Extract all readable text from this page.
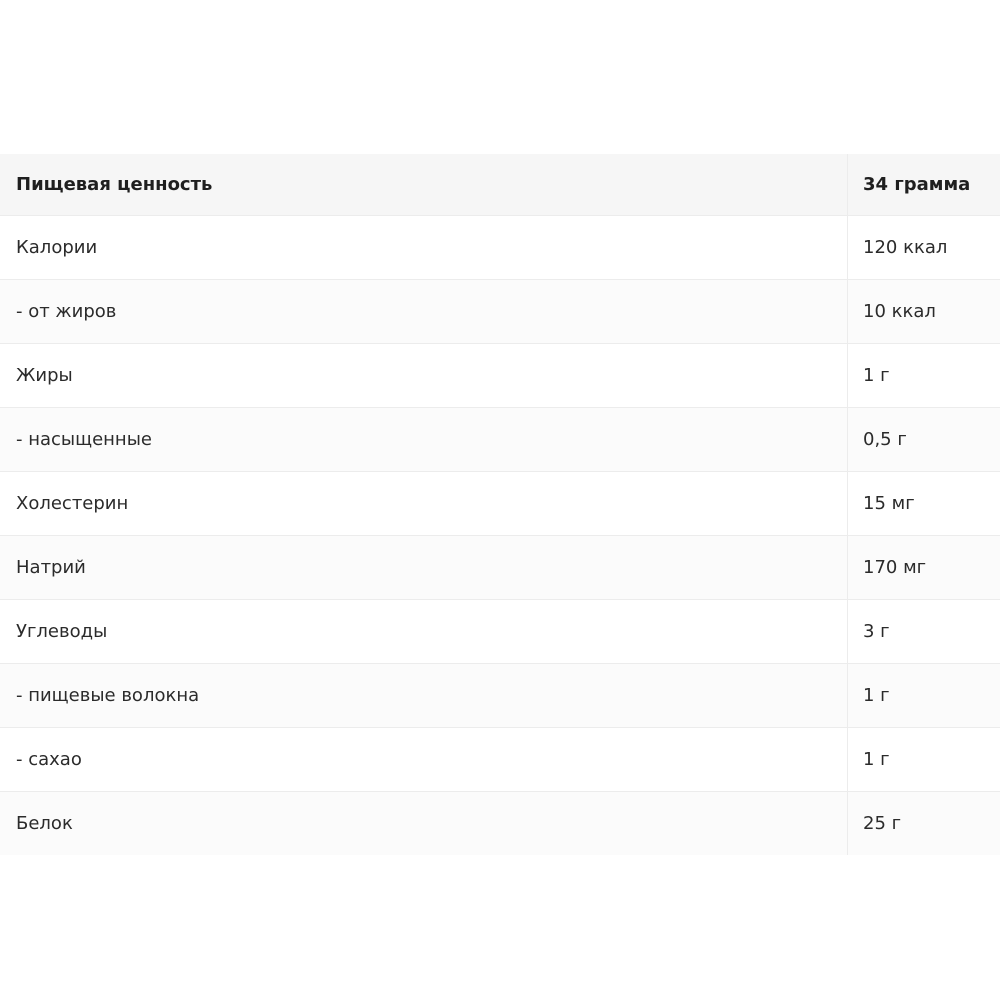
Пищевая ценность	34 грамма
Калории	120 ккал
- от жиров	10 ккал
Жиры	1 г
- насыщенные	0,5 г
Холестерин	15 мг
Натрий	170 мг
Углеводы	3 г
- пищевые волокна	1 г
- сахао	1 г
Белок	25 г
